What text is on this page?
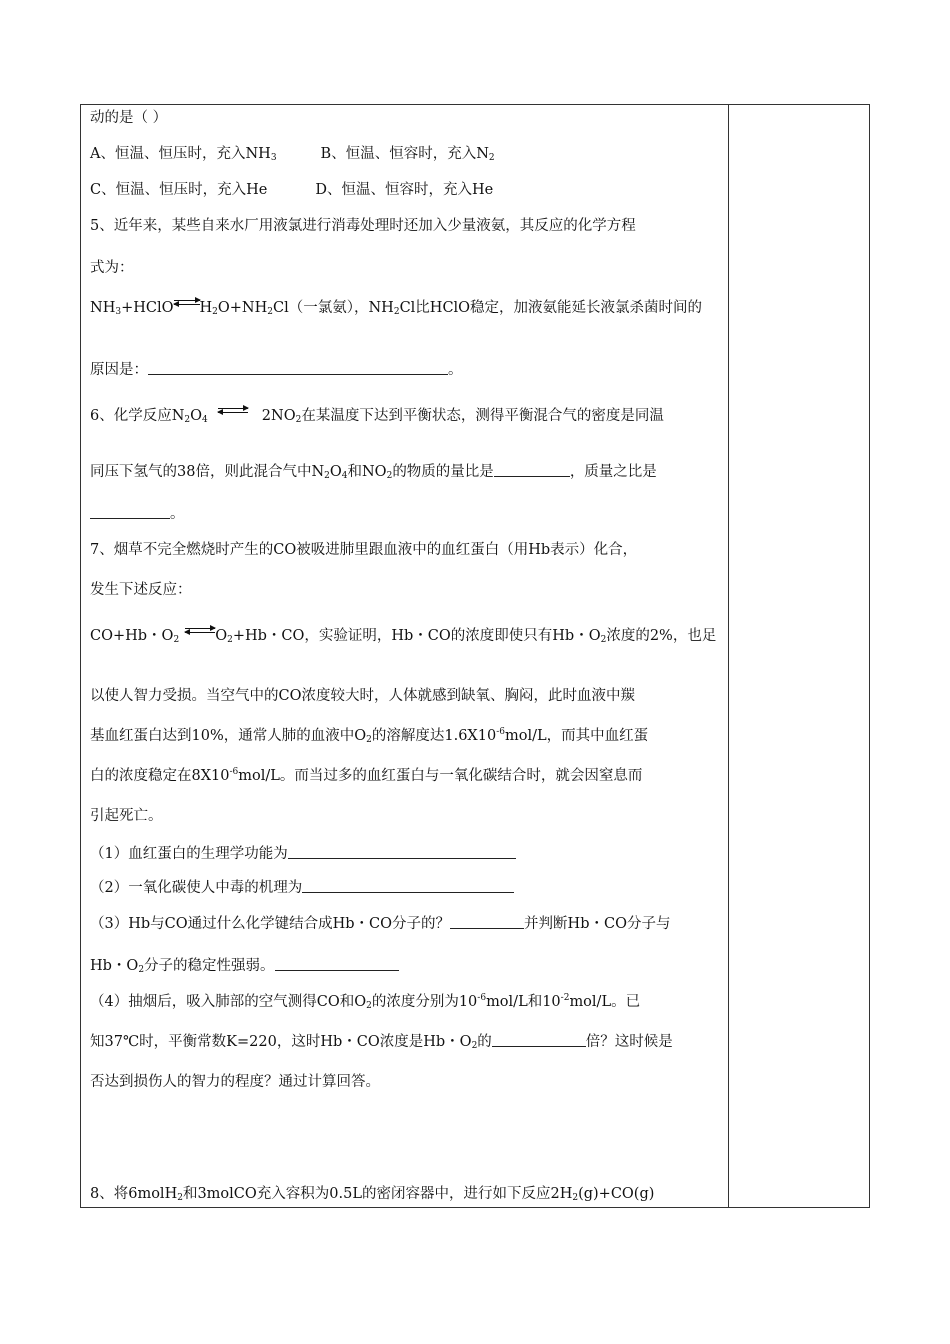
动的是（ ）
A、恒温、恒压时，充入$NH_3$	B、恒温、恒容时，充入$N_2$
C、恒温、恒压时，充入He	D、恒温、恒容时，充入He
5、近年来，某些自来水厂用液氯进行消毒处理时还加入少量液氨，其反应的化学方程
式为：
$NH_3+HClO$ $H_2O+NH_2Cl$（一氯氨），$NH_2Cl$比HClO稳定，加液氨能延长液氯杀菌时间的
原因是：	。
6、化学反应$N_2O_4$	$2NO_2$在某温度下达到平衡状态，测得平衡混合气的密度是同温
同压下氢气的38倍，则此混合气中$N_2O_4$和$NO_2$的物质的量比是	，质量之比是
。
7、烟草不完全燃烧时产生的CO被吸进肺里跟血液中的血红蛋白（用Hb表示）化合，
发生下述反应：
CO+Hb・$O_2$ $O_2+Hb$・CO，实验证明，Hb・CO的浓度即使只有Hb・$O_2$浓度的2%，也足
以使人智力受损。当空气中的CO浓度较大时，人体就感到缺氧、胸闷，此时血液中羰
基血红蛋白达到10%，通常人肺的血液中$O_2$的溶解度达$1.6X10^{-6}mol/L$，而其中血红蛋
白的浓度稳定在$8X10^{-6}mol/L$。而当过多的血红蛋白与一氧化碳结合时，就会因窒息而
引起死亡。
（1）血红蛋白的生理学功能为
（2）一氧化碳使人中毒的机理为
（3）Hb与CO通过什么化学键结合成Hb・CO分子的？	并判断Hb・CO分子与
Hb・$O_2$分子的稳定性强弱。
（4）抽烟后，吸入肺部的空气测得CO和$O_2$的浓度分别为$10^{-6}mol/L$和$10^{-2}mol/L$。已
知37℃时，平衡常数K=220，这时Hb・CO浓度是Hb・$O_2$的	倍？这时候是
否达到损伤人的智力的程度？通过计算回答。
8、将6molH$_2$和3molCO充入容积为0.5L的密闭容器中，进行如下反应$2H_2(g)+CO(g)$
